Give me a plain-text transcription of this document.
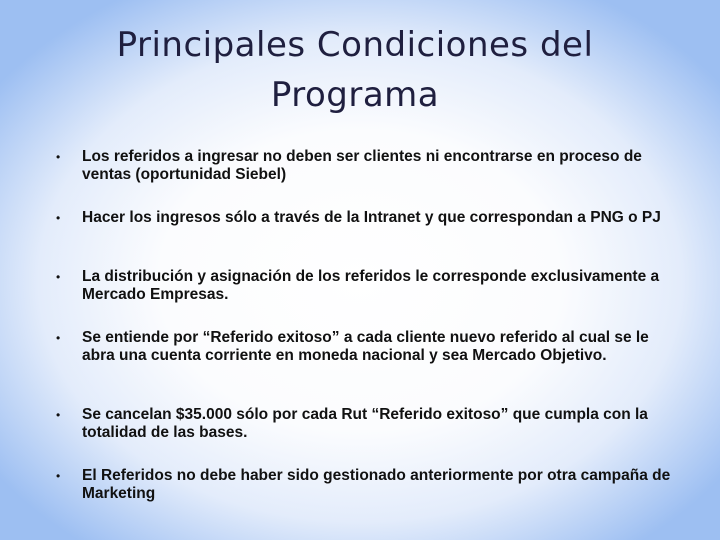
Principales Condiciones del
Programa
•	Los referidos a ingresar no deben ser clientes ni encontrarse en proceso de ventas (oportunidad Siebel)
•	Hacer los ingresos sólo a través de la Intranet y que correspondan a PNG o PJ
•	La distribución y asignación de los referidos le corresponde exclusivamente a Mercado Empresas.
•	Se entiende por “Referido exitoso” a cada cliente nuevo referido al cual se le abra una cuenta corriente en moneda nacional y sea Mercado Objetivo.
•	Se cancelan $35.000 sólo por cada Rut “Referido exitoso” que cumpla con la totalidad de las bases.
•	El Referidos no debe haber sido gestionado anteriormente por otra campaña de Marketing
